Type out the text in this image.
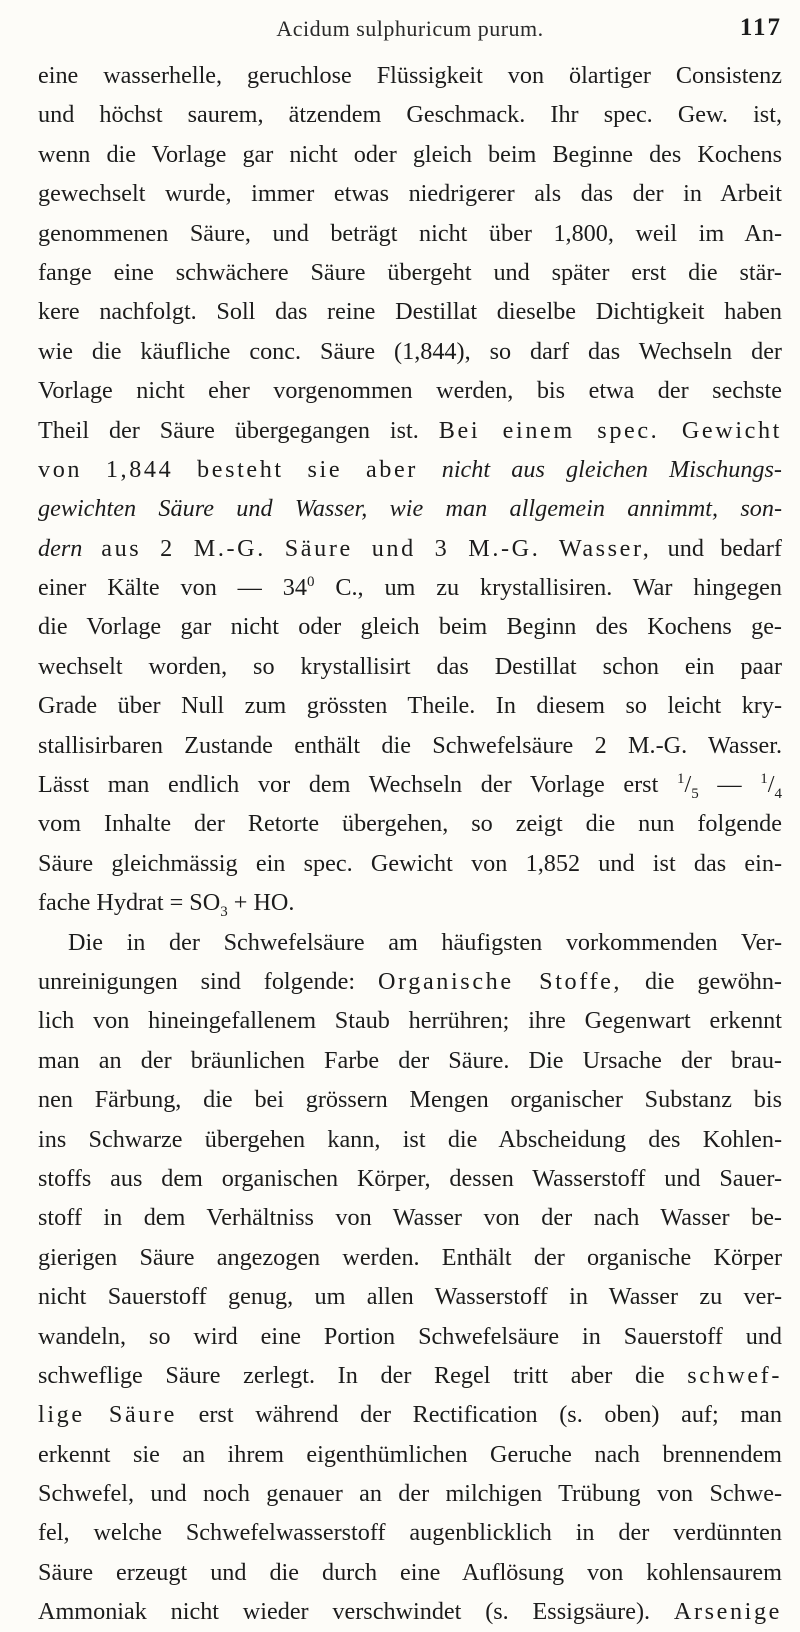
Acidum sulphuricum purum.	117
eine wasserhelle, geruchlose Flüssigkeit von ölartiger Consistenz
und höchst saurem, ätzendem Geschmack. Ihr spec. Gew. ist,
wenn die Vorlage gar nicht oder gleich beim Beginne des Kochens
gewechselt wurde, immer etwas niedrigerer als das der in Arbeit
genommenen Säure, und beträgt nicht über 1,800, weil im An-
fange eine schwächere Säure übergeht und später erst die stär-
kere nachfolgt. Soll das reine Destillat dieselbe Dichtigkeit haben
wie die käufliche conc. Säure (1,844), so darf das Wechseln der
Vorlage nicht eher vorgenommen werden, bis etwa der sechste
Theil der Säure übergegangen ist. Bei einem spec. Gewicht
von 1,844 besteht sie aber nicht aus gleichen Mischungs-
gewichten Säure und Wasser, wie man allgemein annimmt, son-
dern aus 2 M.-G. Säure und 3 M.-G. Wasser, und bedarf
einer Kälte von — $34^0$ C., um zu krystallisiren. War hingegen
die Vorlage gar nicht oder gleich beim Beginn des Kochens ge-
wechselt worden, so krystallisirt das Destillat schon ein paar
Grade über Null zum grössten Theile. In diesem so leicht kry-
stallisirbaren Zustande enthält die Schwefelsäure 2 M.-G. Wasser.
Lässt man endlich vor dem Wechseln der Vorlage erst $^1/_5$ — $^1/_4$
vom Inhalte der Retorte übergehen, so zeigt die nun folgende
Säure gleichmässig ein spec. Gewicht von 1,852 und ist das ein-
fache Hydrat = $SO_3$ + HO.
Die in der Schwefelsäure am häufigsten vorkommenden Ver-
unreinigungen sind folgende: Organische Stoffe, die gewöhn-
lich von hineingefallenem Staub herrühren; ihre Gegenwart erkennt
man an der bräunlichen Farbe der Säure. Die Ursache der brau-
nen Färbung, die bei grössern Mengen organischer Substanz bis
ins Schwarze übergehen kann, ist die Abscheidung des Kohlen-
stoffs aus dem organischen Körper, dessen Wasserstoff und Sauer-
stoff in dem Verhältniss von Wasser von der nach Wasser be-
gierigen Säure angezogen werden. Enthält der organische Körper
nicht Sauerstoff genug, um allen Wasserstoff in Wasser zu ver-
wandeln, so wird eine Portion Schwefelsäure in Sauerstoff und
schweflige Säure zerlegt. In der Regel tritt aber die schwef-
lige Säure erst während der Rectification (s. oben) auf; man
erkennt sie an ihrem eigenthümlichen Geruche nach brennendem
Schwefel, und noch genauer an der milchigen Trübung von Schwe-
fel, welche Schwefelwasserstoff augenblicklich in der verdünnten
Säure erzeugt und die durch eine Auflösung von kohlensaurem
Ammoniak nicht wieder verschwindet (s. Essigsäure). Arsenige
